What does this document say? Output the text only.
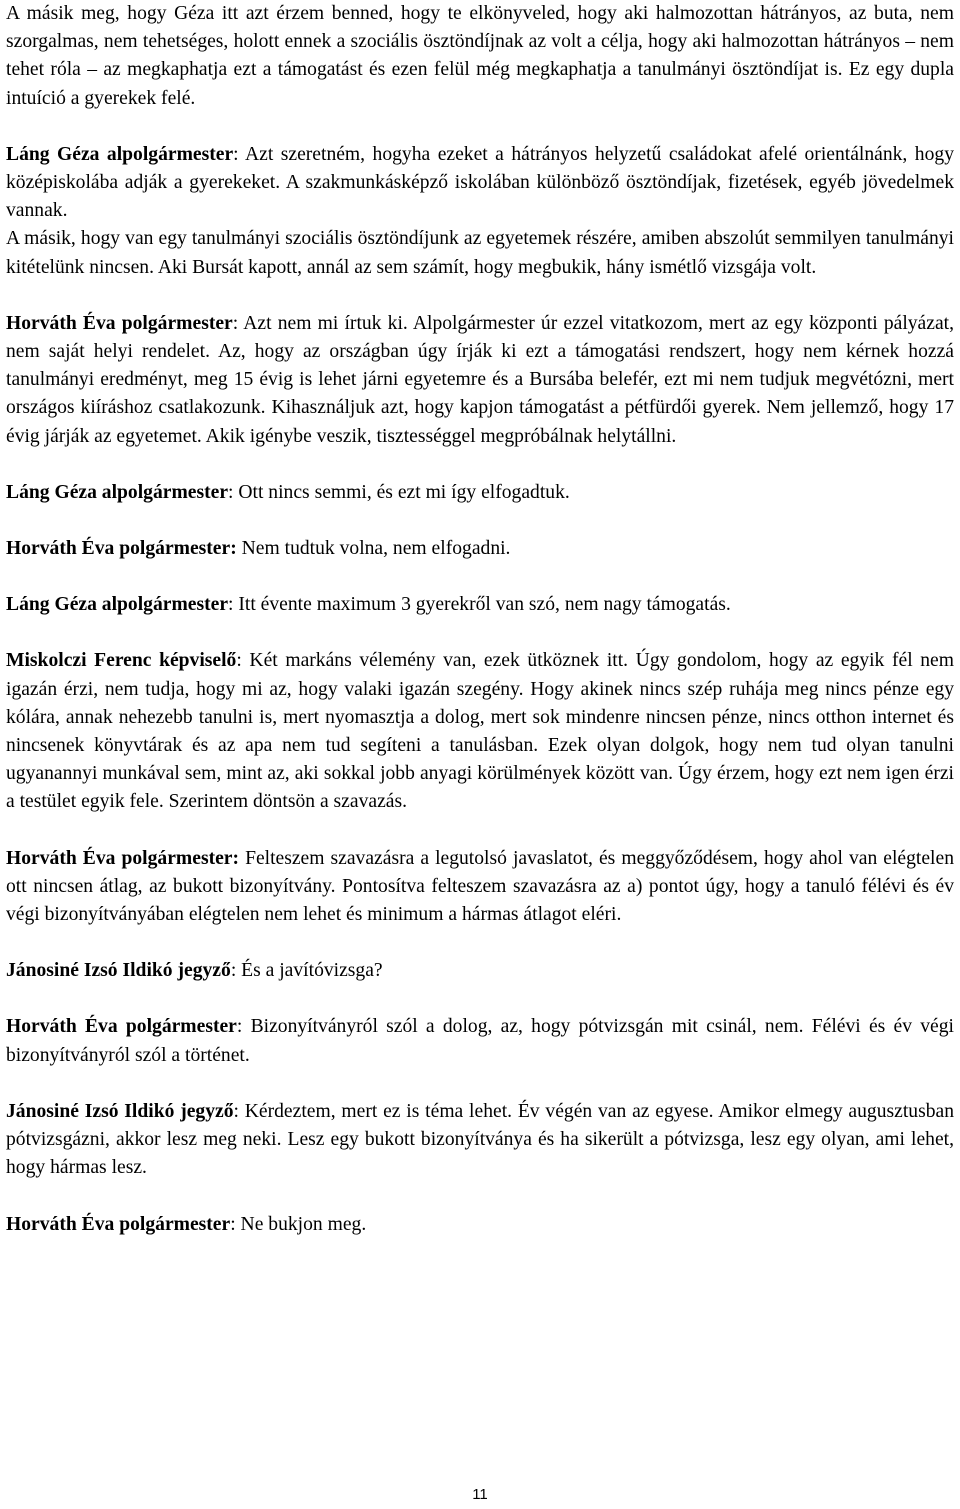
A másik meg, hogy Géza itt azt érzem benned, hogy te elkönyveled, hogy aki halmozottan hátrányos, az buta, nem szorgalmas, nem tehetséges, holott ennek a szociális ösztöndíjnak az volt a célja, hogy aki halmozottan hátrányos – nem tehet róla – az megkaphatja ezt a támogatást és ezen felül még megkaphatja a tanulmányi ösztöndíjat is. Ez egy dupla intuíció a gyerekek felé.

Láng Géza alpolgármester: Azt szeretném, hogyha ezeket a hátrányos helyzetű családokat afelé orientálnánk, hogy középiskolába adják a gyerekeket. A szakmunkásképző iskolában különböző ösztöndíjak, fizetések, egyéb jövedelmek vannak.

A másik, hogy van egy tanulmányi szociális ösztöndíjunk az egyetemek részére, amiben abszolút semmilyen tanulmányi kitételünk nincsen. Aki Bursát kapott, annál az sem számít, hogy megbukik, hány ismétlő vizsgája volt.

Horváth Éva polgármester: Azt nem mi írtuk ki. Alpolgármester úr ezzel vitatkozom, mert az egy központi pályázat, nem saját helyi rendelet. Az, hogy az országban úgy írják ki ezt a támogatási rendszert, hogy nem kérnek hozzá tanulmányi eredményt, meg 15 évig is lehet járni egyetemre és a Bursába belefér, ezt mi nem tudjuk megvétózni, mert országos kiíráshoz csatlakozunk. Kihasználjuk azt, hogy kapjon támogatást a pétfürdői gyerek. Nem jellemző, hogy 17 évig járják az egyetemet. Akik igénybe veszik, tisztességgel megpróbálnak helytállni.

Láng Géza alpolgármester: Ott nincs semmi, és ezt mi így elfogadtuk.

Horváth Éva polgármester: Nem tudtuk volna, nem elfogadni.

Láng Géza alpolgármester: Itt évente maximum 3 gyerekről van szó, nem nagy támogatás.

Miskolczi Ferenc képviselő: Két markáns vélemény van, ezek ütköznek itt. Úgy gondolom, hogy az egyik fél nem igazán érzi, nem tudja, hogy mi az, hogy valaki igazán szegény. Hogy akinek nincs szép ruhája meg nincs pénze egy kólára, annak nehezebb tanulni is, mert nyomasztja a dolog, mert sok mindenre nincsen pénze, nincs otthon internet és nincsenek könyvtárak és az apa nem tud segíteni a tanulásban. Ezek olyan dolgok, hogy nem tud olyan tanulni ugyanannyi munkával sem, mint az, aki sokkal jobb anyagi körülmények között van. Úgy érzem, hogy ezt nem igen érzi a testület egyik fele. Szerintem döntsön a szavazás.

Horváth Éva polgármester: Felteszem szavazásra a legutolsó javaslatot, és meggyőződésem, hogy ahol van elégtelen ott nincsen átlag, az bukott bizonyítvány. Pontosítva felteszem szavazásra az a) pontot úgy, hogy a tanuló félévi és év végi bizonyítványában elégtelen nem lehet és minimum a hármas átlagot eléri.

Jánosiné Izsó Ildikó jegyző: És a javítóvizsga?

Horváth Éva polgármester: Bizonyítványról szól a dolog, az, hogy pótvizsgán mit csinál, nem. Félévi és év végi bizonyítványról szól a történet.

Jánosiné Izsó Ildikó jegyző: Kérdeztem, mert ez is téma lehet. Év végén van az egyese. Amikor elmegy augusztusban pótvizsgázni, akkor lesz meg neki. Lesz egy bukott bizonyítványa és ha sikerült a pótvizsga, lesz egy olyan, ami lehet, hogy hármas lesz.

Horváth Éva polgármester: Ne bukjon meg.

11
